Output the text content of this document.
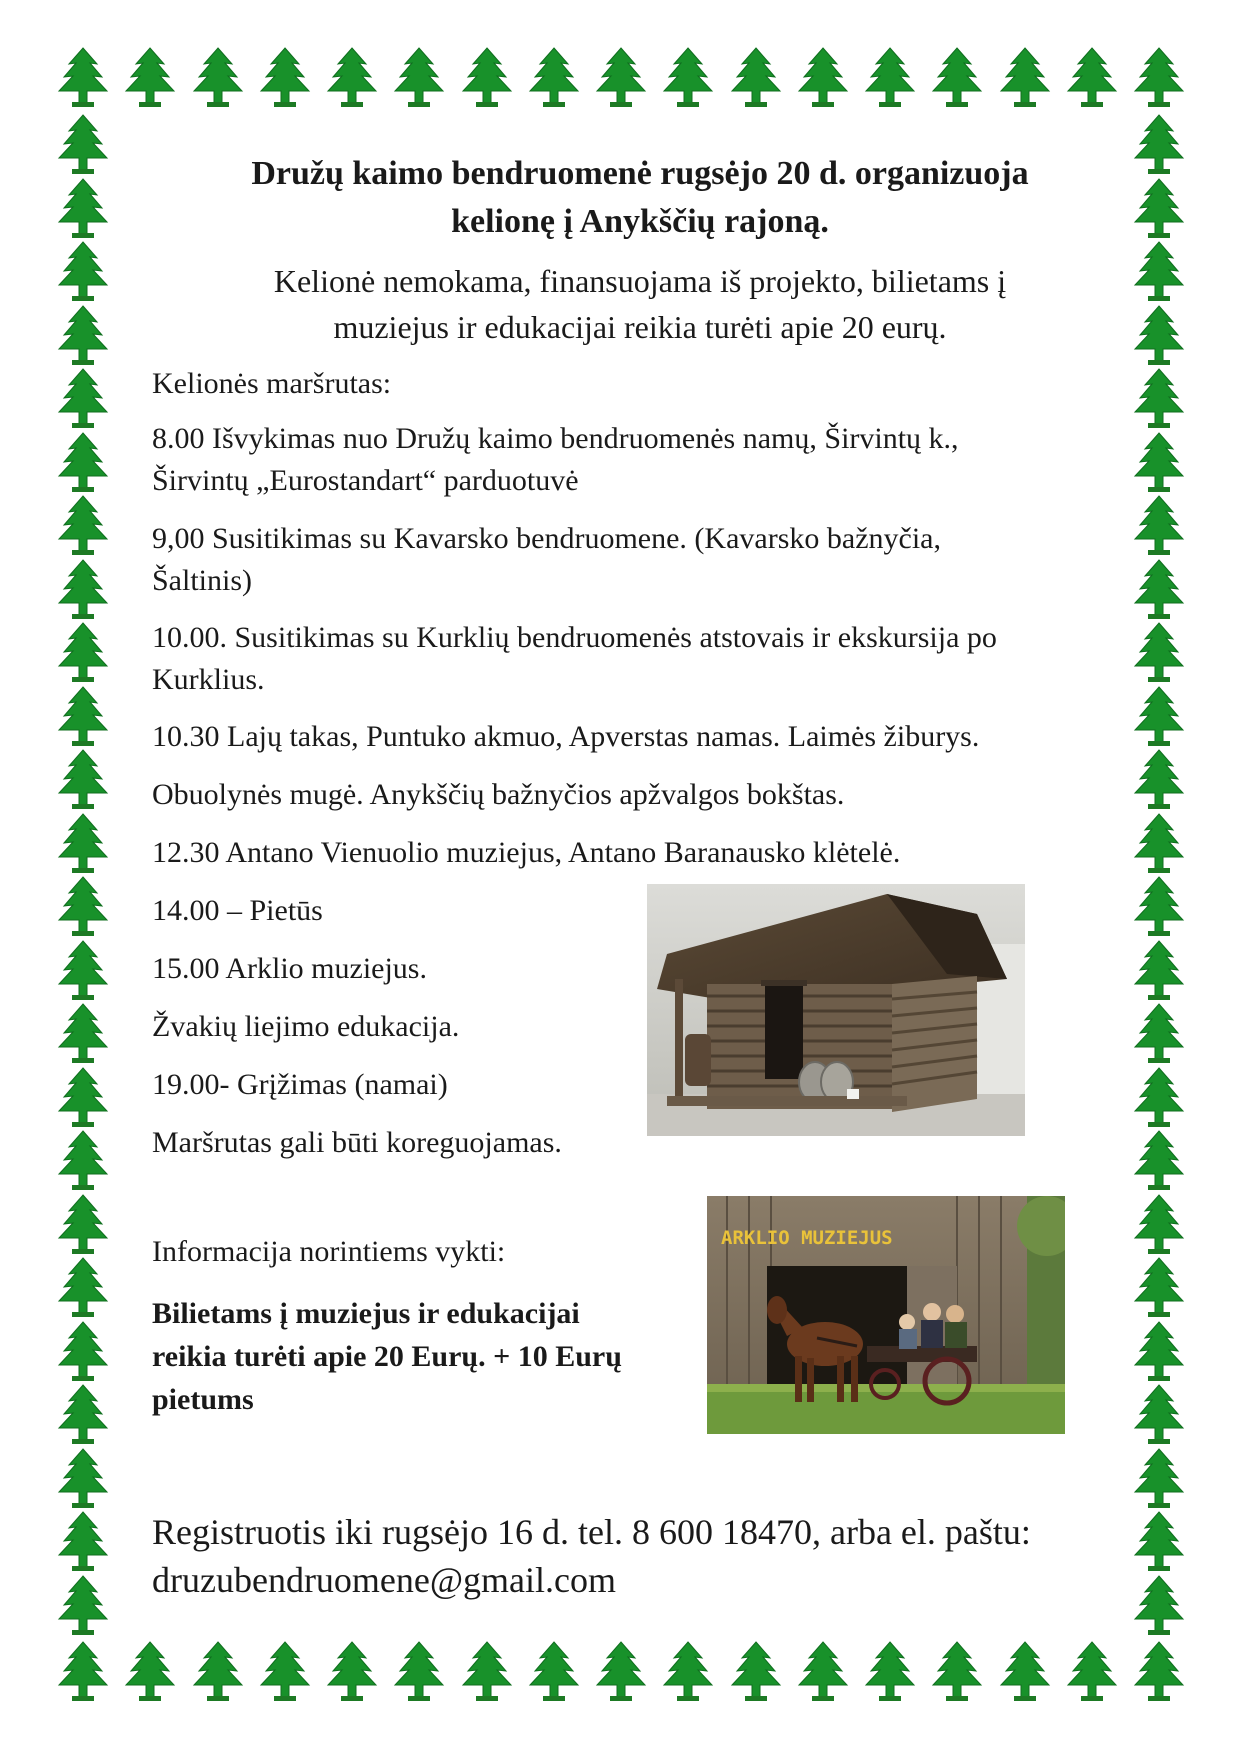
Družų kaimo bendruomenė rugsėjo 20 d. organizuoja
kelionę į Anykščių rajoną.
Kelionė nemokama, finansuojama iš projekto, bilietams į
muziejus ir edukacijai reikia turėti apie 20 eurų.
Kelionės maršrutas:
8.00 Išvykimas nuo Družų kaimo bendruomenės namų, Širvintų k.,
Širvintų „Eurostandart“ parduotuvė
9,00 Susitikimas su Kavarsko bendruomene. (Kavarsko bažnyčia,
Šaltinis)
10.00. Susitikimas su Kurklių bendruomenės atstovais ir ekskursija po
Kurklius.
10.30 Lajų takas, Puntuko akmuo, Apverstas namas. Laimės žiburys.
Obuolynės mugė. Anykščių bažnyčios apžvalgos bokštas.
12.30 Antano Vienuolio muziejus, Antano Baranausko klėtelė.
14.00 – Pietūs
15.00 Arklio muziejus.
Žvakių liejimo edukacija.
19.00- Grįžimas (namai)
Maršrutas gali būti koreguojamas.
Informacija norintiems vykti:
Bilietams į muziejus ir edukacijai
reikia turėti apie 20 Eurų. + 10 Eurų
pietums
Registruotis iki rugsėjo 16 d. tel. 8 600 18470, arba el. paštu:
druzubendruomene@gmail.com
ARKLIO MUZIEJUS
